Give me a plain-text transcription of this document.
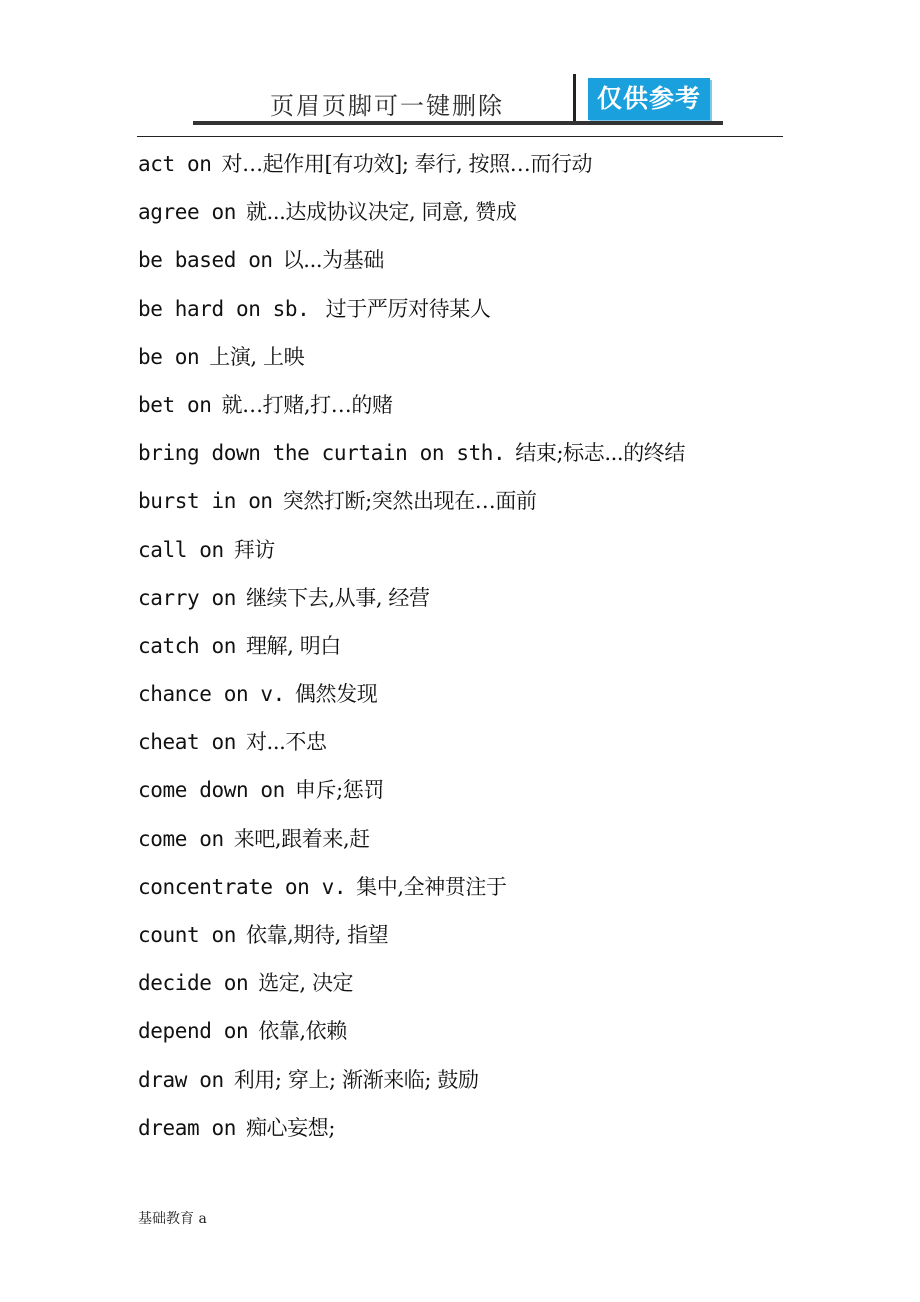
页眉页脚可一键删除	仅供参考
act on 对…起作用[有功效]; 奉行, 按照…而行动
agree on 就...达成协议决定, 同意, 赞成
be based on 以...为基础
be hard on sb. 过于严厉对待某人
be on 上演, 上映
bet on 就…打赌,打…的赌
bring down the curtain on sth. 结束;标志...的终结
burst in on 突然打断;突然出现在…面前
call on 拜访
carry on 继续下去,从事, 经营
catch on 理解, 明白
chance on v. 偶然发现
cheat on 对...不忠
come down on 申斥;惩罚
come on 来吧,跟着来,赶
concentrate on v. 集中,全神贯注于
count on 依靠,期待, 指望
decide on 选定, 决定
depend on 依靠,依赖
draw on 利用; 穿上; 渐渐来临; 鼓励
dream on 痴心妄想;
基础教育 a
